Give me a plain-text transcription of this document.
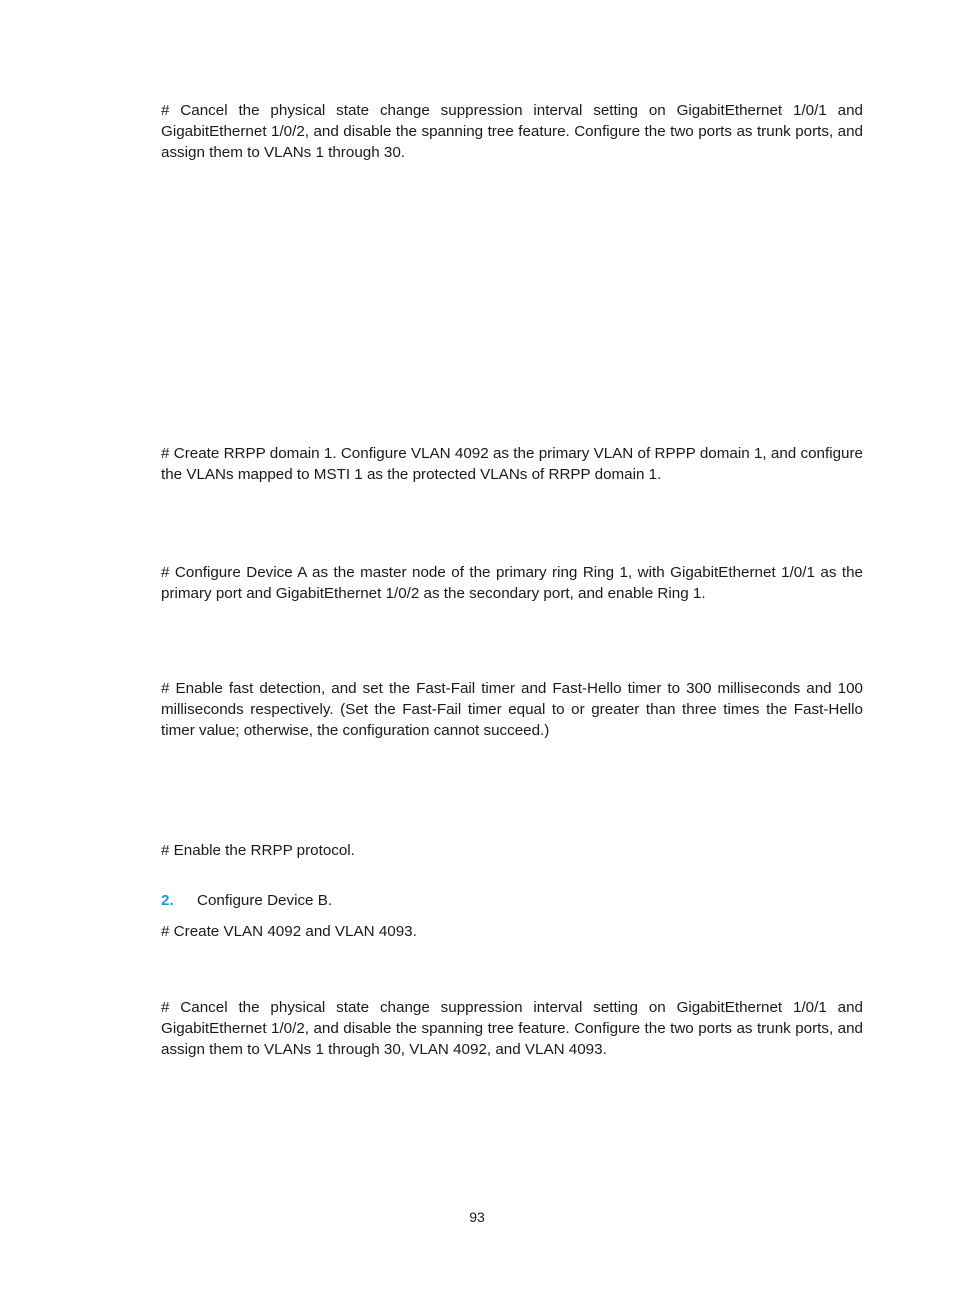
# Cancel the physical state change suppression interval setting on GigabitEthernet 1/0/1 and GigabitEthernet 1/0/2, and disable the spanning tree feature. Configure the two ports as trunk ports, and assign them to VLANs 1 through 30.

# Create RRPP domain 1. Configure VLAN 4092 as the primary VLAN of RPPP domain 1, and configure the VLANs mapped to MSTI 1 as the protected VLANs of RRPP domain 1.

# Configure Device A as the master node of the primary ring Ring 1, with GigabitEthernet 1/0/1 as the primary port and GigabitEthernet 1/0/2 as the secondary port, and enable Ring 1.

# Enable fast detection, and set the Fast-Fail timer and Fast-Hello timer to 300 milliseconds and 100 milliseconds respectively. (Set the Fast-Fail timer equal to or greater than three times the Fast-Hello timer value; otherwise, the configuration cannot succeed.)

# Enable the RRPP protocol.

2. Configure Device B.

# Create VLAN 4092 and VLAN 4093.

# Cancel the physical state change suppression interval setting on GigabitEthernet 1/0/1 and GigabitEthernet 1/0/2, and disable the spanning tree feature. Configure the two ports as trunk ports, and assign them to VLANs 1 through 30, VLAN 4092, and VLAN 4093.

93
